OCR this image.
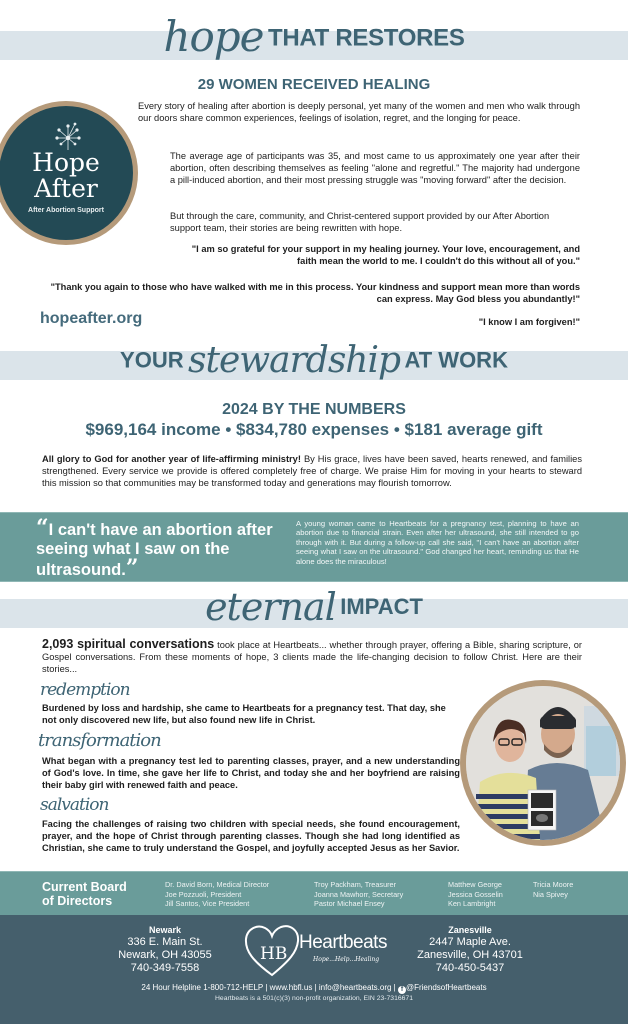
hope THAT RESTORES
29 WOMEN RECEIVED HEALING
Hope
After
After Abortion Support
Every story of healing after abortion is deeply personal, yet many of the women and men who walk through our doors share common experiences, feelings of isolation, regret, and the longing for peace.
The average age of participants was 35, and most came to us approximately one year after their abortion, often describing themselves as feeling "alone and regretful." The majority had undergone a pill-induced abortion, and their most pressing struggle was "moving forward" after the decision.
But through the care, community, and Christ-centered support provided by our After Abortion support team, their stories are being rewritten with hope.
"I am so grateful for your support in my healing journey. Your love, encouragement, and faith mean the world to me. I couldn't do this without all of you."
"Thank you again to those who have walked with me in this process. Your kindness and support mean more than words can express. May God bless you abundantly!"
hopeafter.org	"I know I am forgiven!"
YOUR stewardship AT WORK
2024 BY THE NUMBERS
$969,164 income • $834,780 expenses • $181 average gift
All glory to God for another year of life-affirming ministry! By His grace, lives have been saved, hearts renewed, and families strengthened. Every service we provide is offered completely free of charge. We praise Him for moving in your hearts to steward this mission so that communities may be transformed today and generations may flourish tomorrow.
“I can't have an abortion after seeing what I saw on the ultrasound.”
A young woman came to Heartbeats for a pregnancy test, planning to have an abortion due to financial strain. Even after her ultrasound, she still intended to go through with it. But during a follow-up call she said, "I can't have an abortion after seeing what I saw on the ultrasound." God changed her heart, reminding us that He alone does the miraculous!
eternal IMPACT
2,093 spiritual conversations took place at Heartbeats... whether through prayer, offering a Bible, sharing scripture, or Gospel conversations. From these moments of hope, 3 clients made the life-changing decision to follow Christ. Here are their stories...
redemption
Burdened by loss and hardship, she came to Heartbeats for a pregnancy test. That day, she not only discovered new life, but also found new life in Christ.
transformation
What began with a pregnancy test led to parenting classes, prayer, and a new understanding of God's love. In time, she gave her life to Christ, and today she and her boyfriend are raising their baby girl with renewed faith and peace.
salvation
Facing the challenges of raising two children with special needs, she found encouragement, prayer, and the hope of Christ through parenting classes. Though she had long identified as Christian, she came to truly understand the Gospel, and joyfully accepted Jesus as her Savior.
Current Board
of Directors
Dr. David Born, Medical Director
Joe Pozzuoli, President
Jill Santos, Vice President
Troy Packham, Treasurer
Joanna Mawhorr, Secretary
Pastor Michael Ensey
Matthew George
Jessica Gosselin
Ken Lambright
Tricia Moore
Nia Spivey
Newark
336 E. Main St.
Newark, OH 43055
740-349-7558
HB
Heartbeats
Hope...Help...Healing
Zanesville
2447 Maple Ave.
Zanesville, OH 43701
740-450-5437
24 Hour Helpline 1-800-712-HELP | www.hbfl.us | info@heartbeats.org | f @FriendsofHeartbeats
Heartbeats is a 501(c)(3) non-profit organization, EIN 23-7316671
